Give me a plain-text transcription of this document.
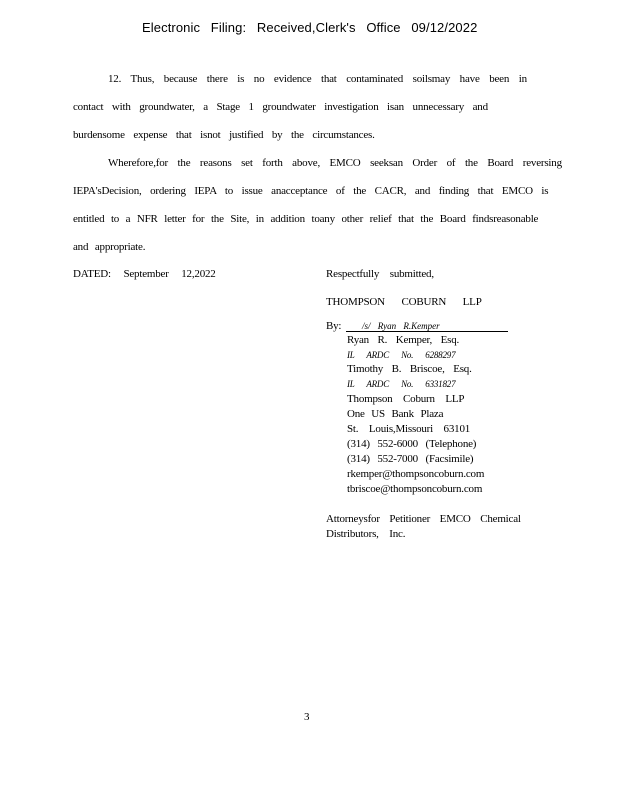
Electronic Filing: Received,Clerk's Office 09/12/2022
12. Thus, because there is no evidence that contaminated soilsmay have been in
contact with groundwater, a Stage 1 groundwater investigation isan unnecessary and
burdensome expense that isnot justified by the circumstances.
Wherefore,for the reasons set forth above, EMCO seeksan Order of the Board reversing
IEPA'sDecision, ordering IEPA to issue anacceptance of the CACR, and finding that EMCO is
entitled to a NFR letter for the Site, in addition toany other relief that the Board findsreasonable
and appropriate.
DATED: September 12,2022	Respectfully submitted,
THOMPSON COBURN LLP
By: /s/ Ryan R.Kemper
Ryan R. Kemper, Esq.
IL ARDC No. 6288297
Timothy B. Briscoe, Esq.
IL ARDC No. 6331827
Thompson Coburn LLP
One US Bank Plaza
St. Louis,Missouri 63101
(314) 552-6000 (Telephone)
(314) 552-7000 (Facsimile)
rkemper@thompsoncoburn.com
tbriscoe@thompsoncoburn.com
Attorneysfor Petitioner EMCO Chemical
Distributors, Inc.
3
